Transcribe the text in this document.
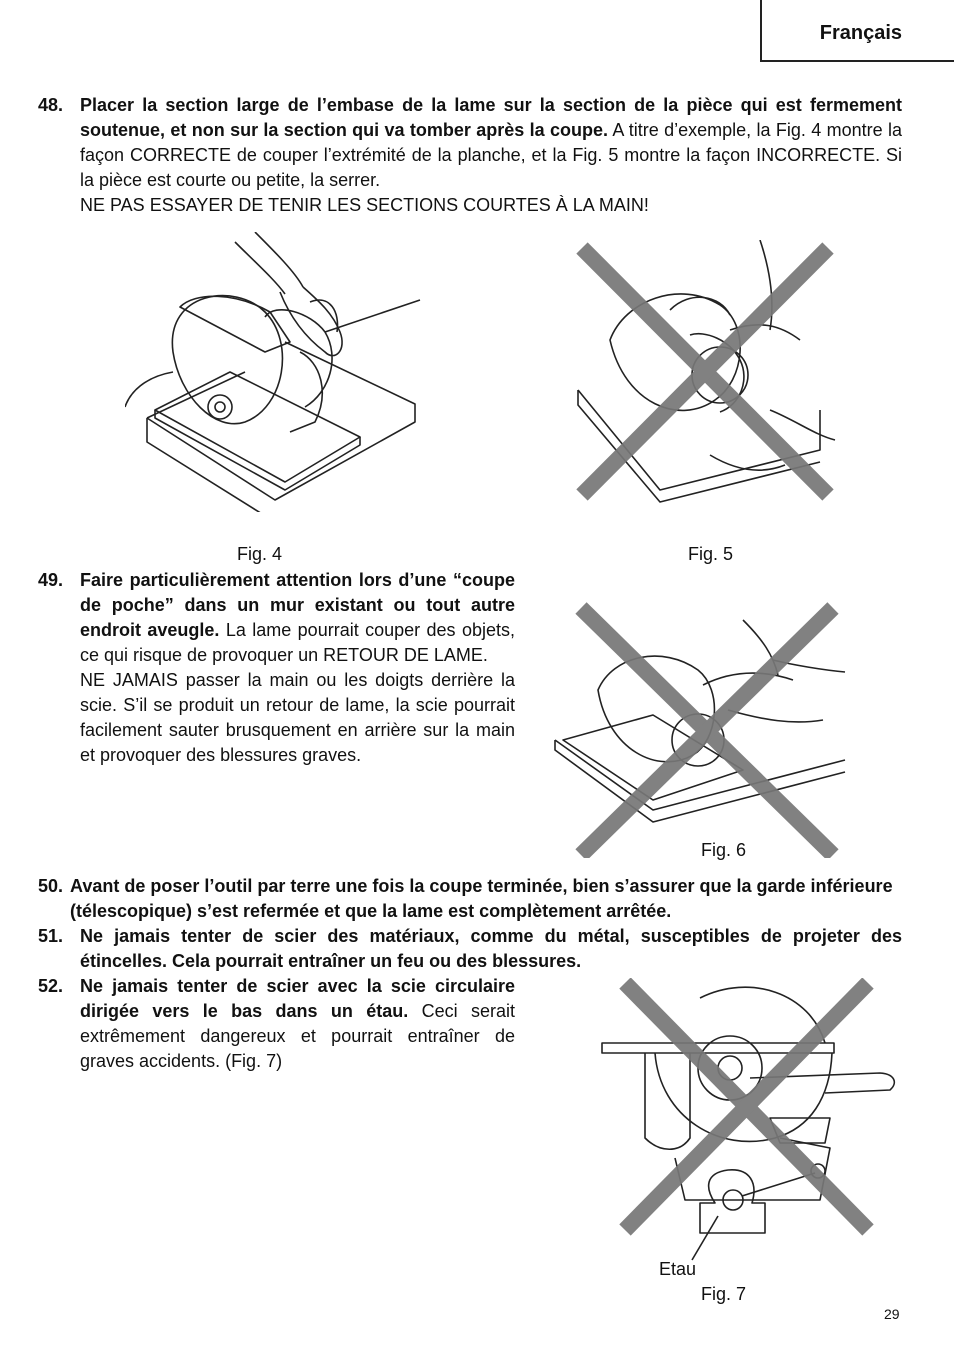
Français
48. Placer la section large de l’embase de la lame sur la section de la pièce qui est fermement soutenue, et non sur la section qui va tomber après la coupe. A titre d’exemple, la Fig. 4 montre la façon CORRECTE de couper l’extrémité de la planche, et la Fig. 5 montre la façon INCORRECTE. Si la pièce est courte ou petite, la serrer.
NE PAS ESSAYER DE TENIR LES SECTIONS COURTES À LA MAIN!
Fig. 4	Fig. 5
49. Faire particulièrement attention lors d’une “coupe de poche” dans un mur existant ou tout autre endroit aveugle. La lame pourrait couper des objets, ce qui risque de provoquer un RETOUR DE LAME.
NE JAMAIS passer la main ou les doigts derrière la scie. S’il se produit un retour de lame, la scie pourrait facilement sauter brusquement en arrière sur la main et provoquer des blessures graves.
Fig. 6
50. Avant de poser l’outil par terre une fois la coupe terminée, bien s’assurer que la garde inférieure (télescopique) s’est refermée et que la lame est complètement arrêtée.
51. Ne jamais tenter de scier des matériaux, comme du métal, susceptibles de projeter des étincelles. Cela pourrait entraîner un feu ou des blessures.
52. Ne jamais tenter de scier avec la scie circulaire dirigée vers le bas dans un étau. Ceci serait extrêmement dangereux et pourrait entraîner de graves accidents. (Fig. 7)
Etau
Fig. 7
29
